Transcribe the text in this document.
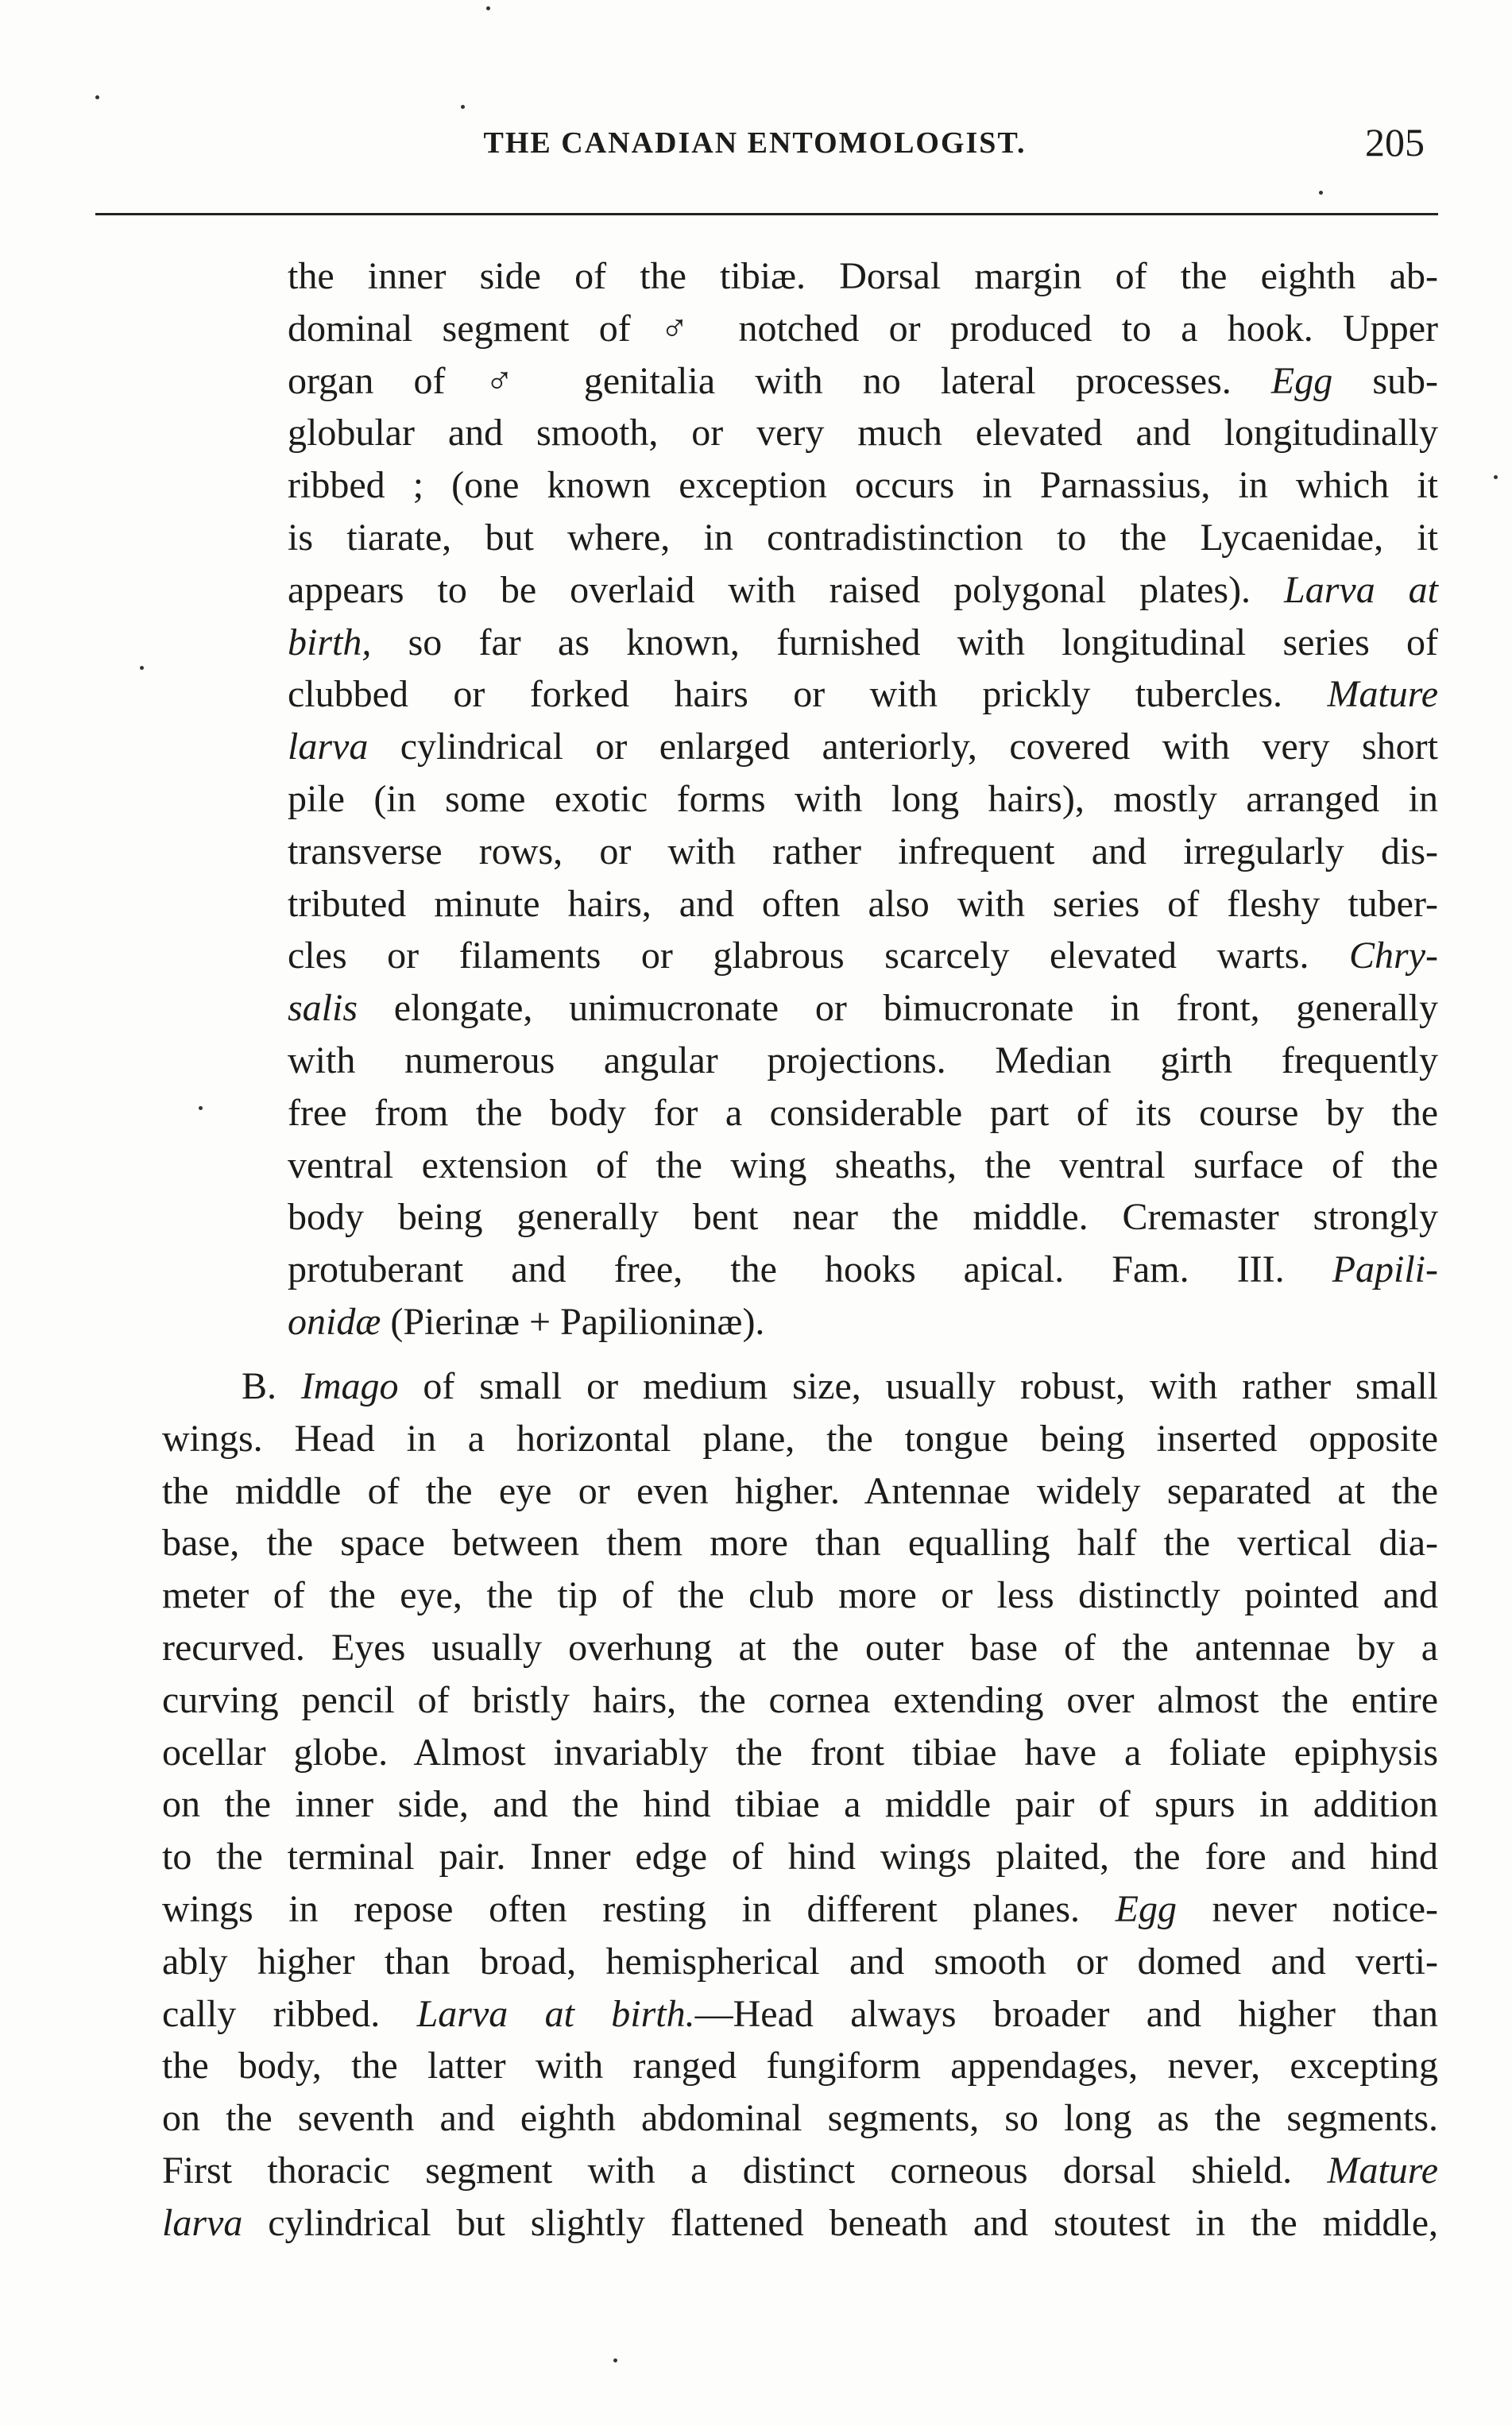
THE CANADIAN ENTOMOLOGIST.	205
the inner side of the tibiæ. Dorsal margin of the eighth ab-
dominal segment of ♂ notched or produced to a hook. Upper
organ of ♂ genitalia with no lateral processes. Egg sub-
globular and smooth, or very much elevated and longitudinally
ribbed ; (one known exception occurs in Parnassius, in which it
is tiarate, but where, in contradistinction to the Lycaenidae, it
appears to be overlaid with raised polygonal plates). Larva at
birth, so far as known, furnished with longitudinal series of
clubbed or forked hairs or with prickly tubercles. Mature
larva cylindrical or enlarged anteriorly, covered with very short
pile (in some exotic forms with long hairs), mostly arranged in
transverse rows, or with rather infrequent and irregularly dis-
tributed minute hairs, and often also with series of fleshy tuber-
cles or filaments or glabrous scarcely elevated warts. Chry-
salis elongate, unimucronate or bimucronate in front, generally
with numerous angular projections. Median girth frequently
free from the body for a considerable part of its course by the
ventral extension of the wing sheaths, the ventral surface of the
body being generally bent near the middle. Cremaster strongly
protuberant and free, the hooks apical. Fam. III. Papili-
onidæ (Pierinæ + Papilioninæ).
B. Imago of small or medium size, usually robust, with rather small
wings. Head in a horizontal plane, the tongue being inserted opposite
the middle of the eye or even higher. Antennae widely separated at the
base, the space between them more than equalling half the vertical dia-
meter of the eye, the tip of the club more or less distinctly pointed and
recurved. Eyes usually overhung at the outer base of the antennae by a
curving pencil of bristly hairs, the cornea extending over almost the entire
ocellar globe. Almost invariably the front tibiae have a foliate epiphysis
on the inner side, and the hind tibiae a middle pair of spurs in addition
to the terminal pair. Inner edge of hind wings plaited, the fore and hind
wings in repose often resting in different planes. Egg never notice-
ably higher than broad, hemispherical and smooth or domed and verti-
cally ribbed. Larva at birth.—Head always broader and higher than
the body, the latter with ranged fungiform appendages, never, excepting
on the seventh and eighth abdominal segments, so long as the segments.
First thoracic segment with a distinct corneous dorsal shield. Mature
larva cylindrical but slightly flattened beneath and stoutest in the middle,
